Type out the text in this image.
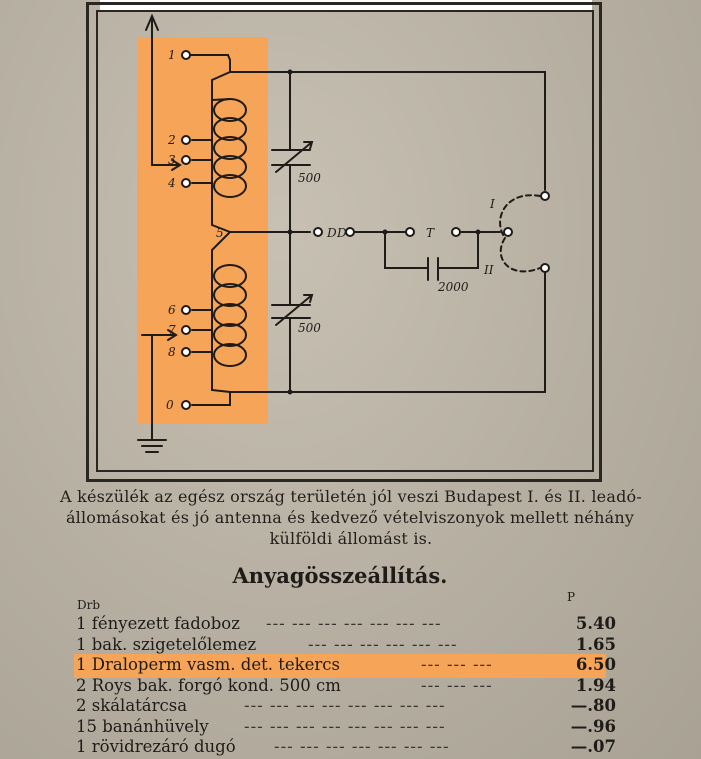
1
2
3
4
5
6
7
8
0
500
500
2000
D D	T
I
II

A készülék az egész ország területén jól veszi Budapest I. és II. leadó-
állomásokat és jó antenna és kedvező vételviszonyok mellett néhány
külföldi állomást is.

Anyagösszeállítás.
Drb
P
1 fényezett fadoboz --- --- --- --- --- --- ---	5.40
1 bak. szigetelőlemez	--- --- --- --- --- ---	1.65
1 Draloperm vasm. det. tekercs	--- --- ---	6.50
2 Roys bak. forgó kond. 500 cm	--- --- ---	1.94
2 skálatárcsa	--- --- --- --- --- --- --- ---	—.80
15 banánhüvely --- --- --- --- --- --- --- ---	—.96
1 rövidrezáró dugó --- --- --- --- --- --- ---	—.07
